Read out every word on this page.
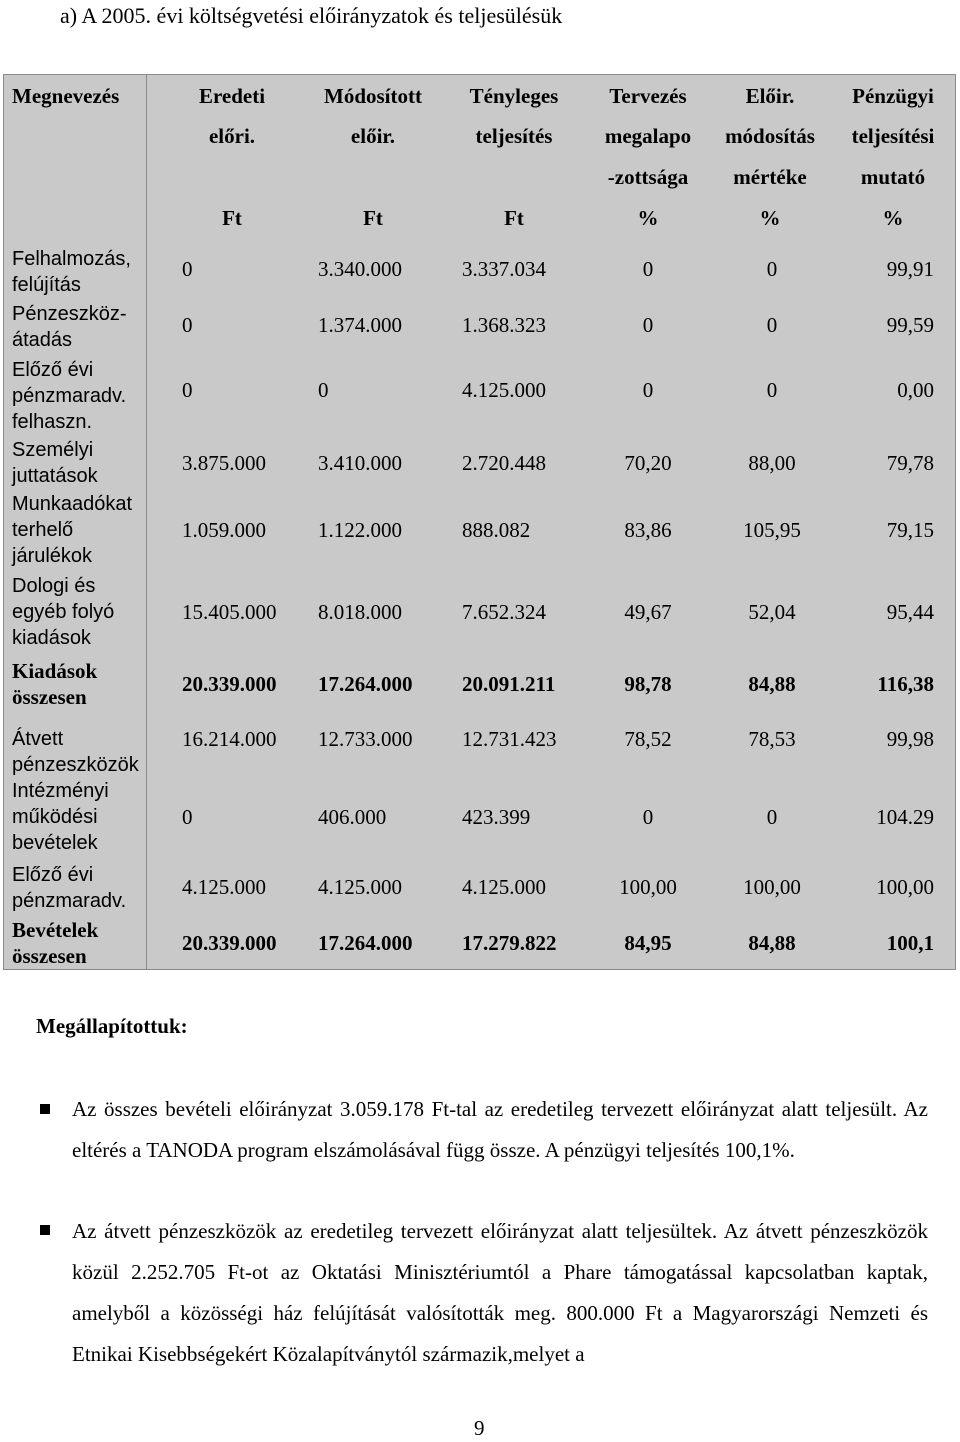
a) A 2005. évi költségvetési előirányzatok és teljesülésük
Megnevezés	Eredeti	Módosított	Tényleges	Tervezés	Előir.	Pénzügyi
előri.	előir.	teljesítés	megalapo	módosítás	teljesítési
-zottsága	mértéke	mutató
Ft	Ft	Ft	%	%	%
Felhalmozás,
felújítás
0	3.340.000	3.337.034	0	0	99,91
Pénzeszköz-
átadás
0	1.374.000	1.368.323	0	0	99,59
Előző évi
pénzmaradv.
felhaszn.
0	0	4.125.000	0	0	0,00
Személyi
juttatások
3.875.000	3.410.000	2.720.448	70,20	88,00	79,78
Munkaadókat
terhelő
járulékok
1.059.000	1.122.000	888.082	83,86	105,95	79,15
Dologi és
egyéb folyó
kiadások
15.405.000 8.018.000	7.652.324	49,67	52,04	95,44
Kiadások
összesen
20.339.000 17.264.000	20.091.211	98,78	84,88	116,38
Átvett
pénzeszközök
16.214.000 12.733.000	12.731.423	78,52	78,53	99,98
Intézményi
működési
bevételek
0	406.000	423.399	0	0	104.29
Előző évi
pénzmaradv.
4.125.000	4.125.000	4.125.000	100,00	100,00	100,00
Bevételek
összesen
20.339.000 17.264.000	17.279.822	84,95	84,88	100,1
Megállapítottuk:
Az összes bevételi előirányzat 3.059.178 Ft-tal az eredetileg tervezett előirányzat alatt teljesült. Az eltérés a TANODA program elszámolásával függ össze. A pénzügyi teljesítés 100,1%.
Az átvett pénzeszközök az eredetileg tervezett előirányzat alatt teljesültek. Az átvett pénzeszközök közül 2.252.705 Ft-ot az Oktatási Minisztériumtól a Phare támogatással kapcsolatban kaptak, amelyből a közösségi ház felújítását valósították meg. 800.000 Ft a Magyarországi Nemzeti és Etnikai Kisebbségekért Közalapítványtól származik,melyet a
9
